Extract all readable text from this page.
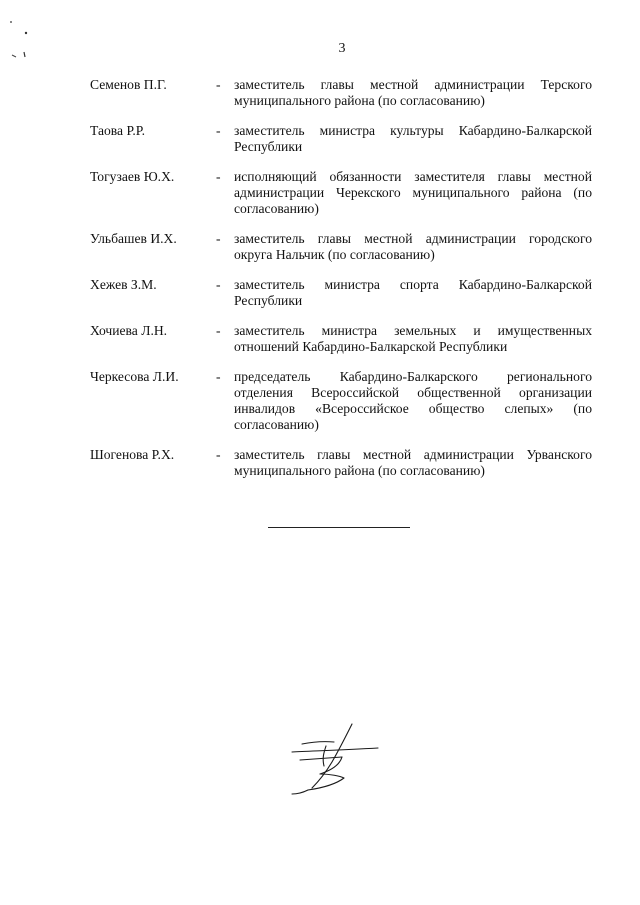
3
Семенов П.Г.	- заместитель главы местной администрации Терского муниципального района (по согласованию)
Таова Р.Р.	- заместитель министра культуры Кабардино-Балкарской Республики
Тогузаев Ю.Х.	- исполняющий обязанности заместителя главы местной администрации Черекского муниципального района (по согласованию)
Ульбашев И.Х.	- заместитель главы местной администрации городского округа Нальчик (по согласованию)
Хежев З.М.	- заместитель министра спорта Кабардино-Балкарской Республики
Хочиева Л.Н.	- заместитель министра земельных и имущественных отношений Кабардино-Балкарской Республики
Черкесова Л.И.	- председатель Кабардино-Балкарского регионального отделения Всероссийской общественной организации инвалидов «Всероссийское общество слепых» (по согласованию)
Шогенова Р.Х.	- заместитель главы местной администрации Урванского муниципального района (по согласованию)
